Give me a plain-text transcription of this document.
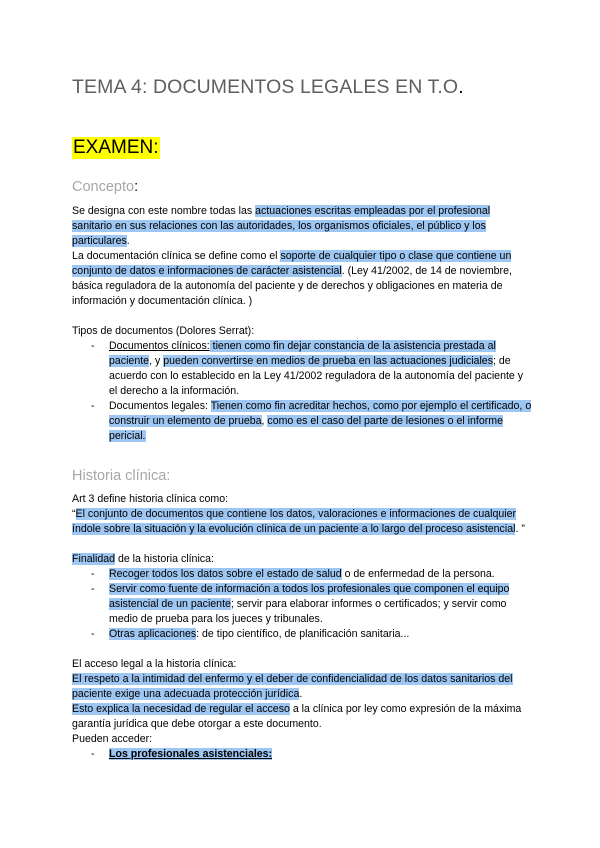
TEMA 4: DOCUMENTOS LEGALES EN T.O.
EXAMEN:
Concepto:

Se designa con este nombre todas las actuaciones escritas empleadas por el profesional sanitario en sus relaciones con las autoridades, los organismos oficiales, el público y los particulares.

La documentación clínica se define como el soporte de cualquier tipo o clase que contiene un conjunto de datos e informaciones de carácter asistencial. (Ley 41/2002, de 14 de noviembre, básica reguladora de la autonomía del paciente y de derechos y obligaciones en materia de información y documentación clínica. )

Tipos de documentos (Dolores Serrat):

- Documentos clínicos: tienen como fin dejar constancia de la asistencia prestada al paciente, y pueden convertirse en medios de prueba en las actuaciones judiciales; de acuerdo con lo establecido en la Ley 41/2002 reguladora de la autonomía del paciente y el derecho a la información.
- Documentos legales: Tienen como fin acreditar hechos, como por ejemplo el certificado, o construir un elemento de prueba, como es el caso del parte de lesiones o el informe pericial.
Historia clínica:

Art 3 define historia clínica como:

“El conjunto de documentos que contiene los datos, valoraciones e informaciones de cualquier índole sobre la situación y la evolución clínica de un paciente a lo largo del proceso asistencial. ”

Finalidad de la historia clínica:

- Recoger todos los datos sobre el estado de salud o de enfermedad de la persona.
- Servir como fuente de información a todos los profesionales que componen el equipo asistencial de un paciente; servir para elaborar informes o certificados; y servir como medio de prueba para los jueces y tribunales.
- Otras aplicaciones: de tipo científico, de planificación sanitaria...

El acceso legal a la historia clínica:

El respeto a la intimidad del enfermo y el deber de confidencialidad de los datos sanitarios del paciente exige una adecuada protección jurídica.
Esto explica la necesidad de regular el acceso a la clínica por ley como expresión de la máxima garantía jurídica que debe otorgar a este documento.

Pueden acceder:

- Los profesionales asistenciales:
